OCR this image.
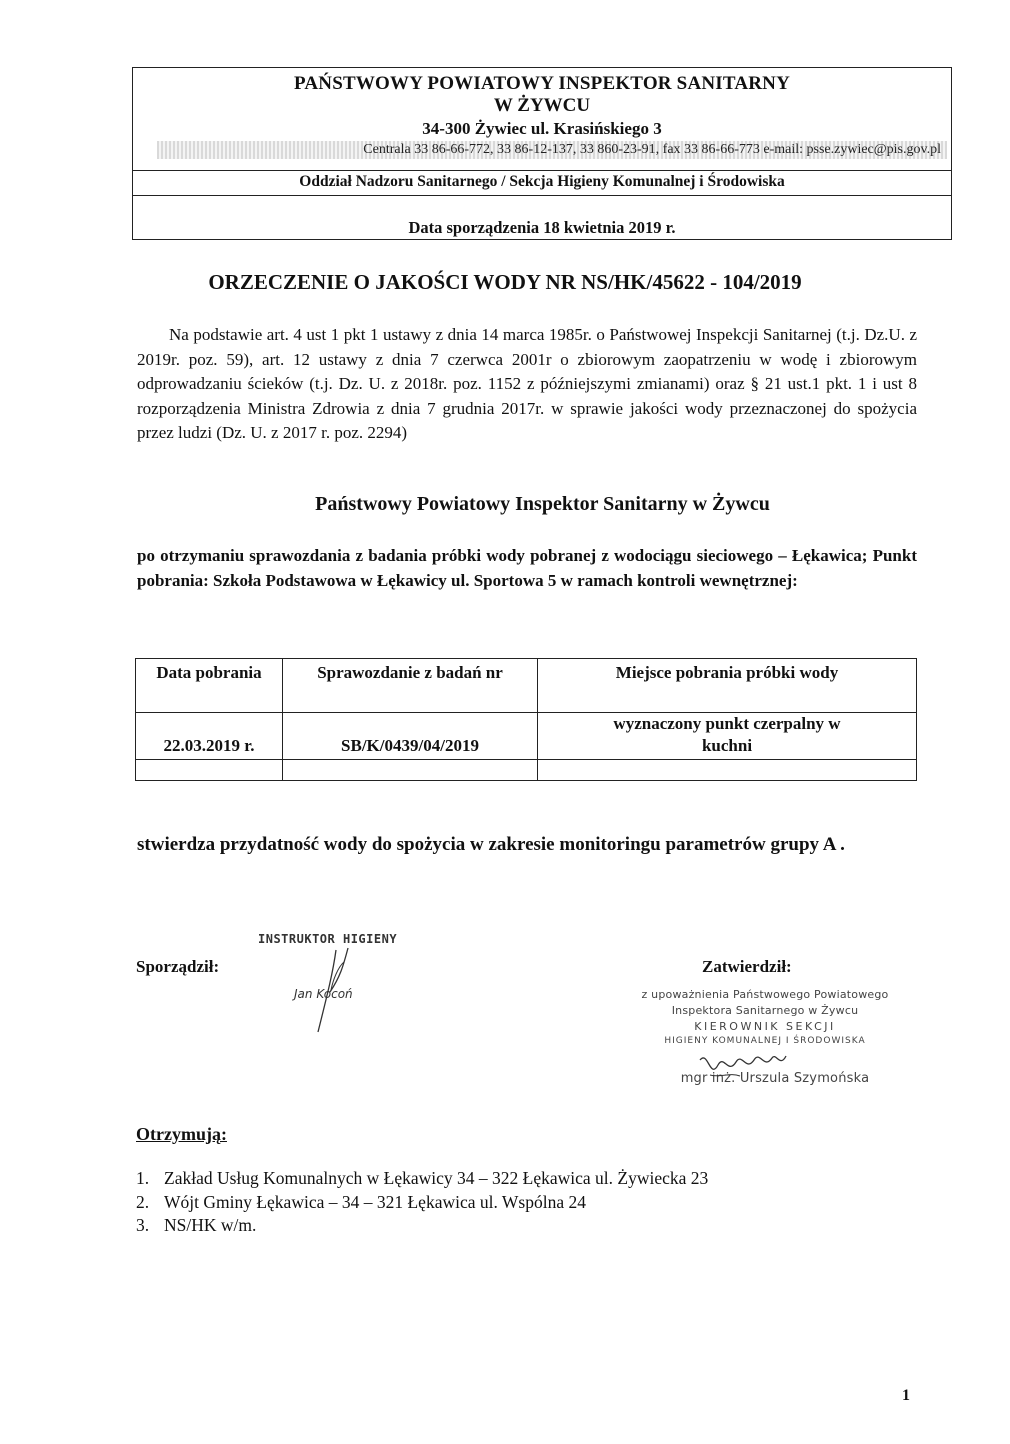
PAŃSTWOWY POWIATOWY INSPEKTOR SANITARNY
W ŻYWCU
34-300 Żywiec ul. Krasińskiego 3
Centrala 33 86-66-772, 33 86-12-137, 33 860-23-91, fax 33 86-66-773 e-mail: psse.zywiec@pis.gov.pl
Oddział Nadzoru Sanitarnego / Sekcja Higieny Komunalnej i Środowiska
Data sporządzenia 18 kwietnia 2019 r.
ORZECZENIE O JAKOŚCI WODY NR NS/HK/45622 - 104/2019
Na podstawie art. 4 ust 1 pkt 1 ustawy z dnia 14 marca 1985r. o Państwowej Inspekcji Sanitarnej (t.j. Dz.U. z 2019r. poz. 59), art. 12 ustawy z dnia 7 czerwca 2001r o zbiorowym zaopatrzeniu w wodę i zbiorowym odprowadzaniu ścieków (t.j. Dz. U. z 2018r. poz. 1152 z późniejszymi zmianami) oraz § 21 ust.1 pkt. 1 i ust 8 rozporządzenia Ministra Zdrowia z dnia 7 grudnia 2017r. w sprawie jakości wody przeznaczonej do spożycia przez ludzi (Dz. U. z 2017 r. poz. 2294)
Państwowy Powiatowy Inspektor Sanitarny w Żywcu
po otrzymaniu sprawozdania z badania próbki wody pobranej z wodociągu sieciowego – Łękawica; Punkt pobrania: Szkoła Podstawowa w Łękawicy ul. Sportowa 5 w ramach kontroli wewnętrznej:
Data pobrania	Sprawozdanie z badań nr	Miejsce pobrania próbki wody
22.03.2019 r.	SB/K/0439/04/2019	wyznaczony punkt czerpalny w kuchni

stwierdza przydatność wody do spożycia w zakresie monitoringu parametrów grupy A .
Sporządził:
INSTRUKTOR HIGIENY
Jan Kocoń
Zatwierdził:
z upoważnienia Państwowego Powiatowego
Inspektora Sanitarnego w Żywcu
KIEROWNIK SEKCJI
HIGIENY KOMUNALNEJ I ŚRODOWISKA
mgr inż. Urszula Szymońska
Otrzymują:
1. Zakład Usług Komunalnych w Łękawicy 34 – 322 Łękawica ul. Żywiecka 23
2. Wójt Gminy Łękawica – 34 – 321 Łękawica ul. Wspólna 24
3. NS/HK w/m.
1
